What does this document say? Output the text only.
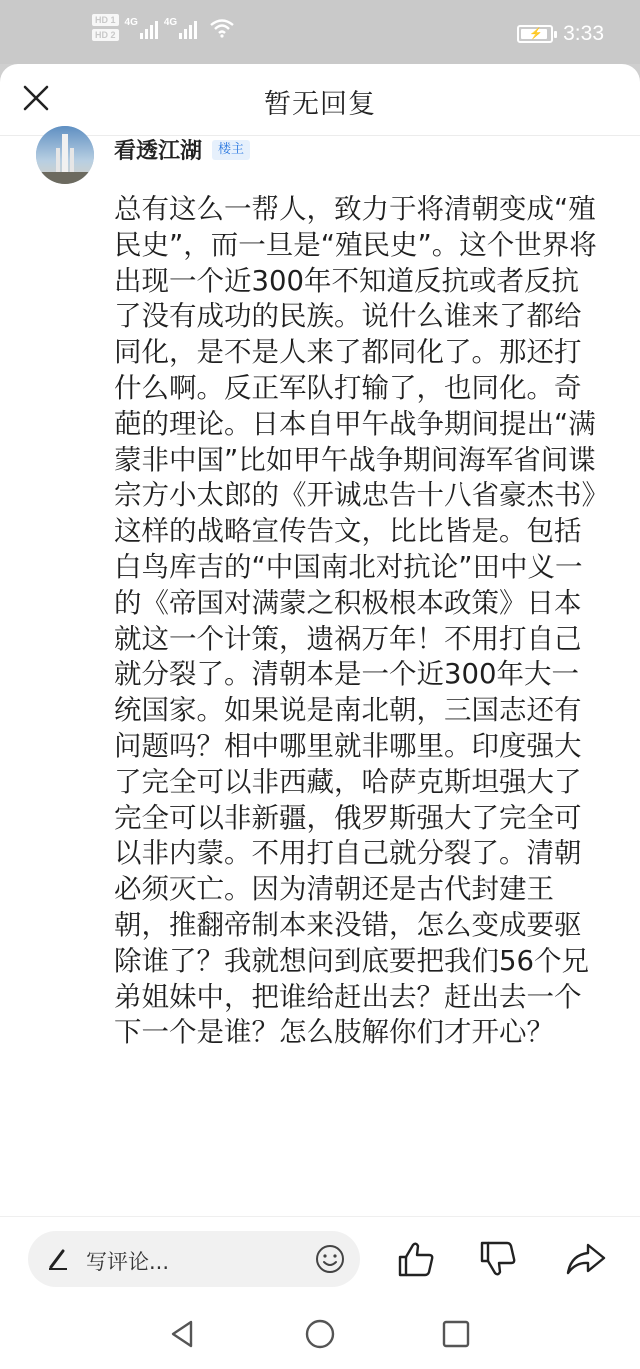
HD 1
HD 2
4G	4G
⚡ 3:33
暂无回复
看透江湖	楼主
总有这么一帮人，致力于将清朝变成“殖民史”，而一旦是“殖民史”。这个世界将出现一个近300年不知道反抗或者反抗了没有成功的民族。说什么谁来了都给同化，是不是人来了都同化了。那还打什么啊。反正军队打输了，也同化。奇葩的理论。日本自甲午战争期间提出“满蒙非中国”比如甲午战争期间海军省间谍宗方小太郎的《开诚忠告十八省豪杰书》这样的战略宣传告文，比比皆是。包括白鸟库吉的“中国南北对抗论”田中义一的《帝国对满蒙之积极根本政策》日本就这一个计策，遗祸万年！不用打自己就分裂了。清朝本是一个近300年大一统国家。如果说是南北朝，三国志还有问题吗？相中哪里就非哪里。印度强大了完全可以非西藏，哈萨克斯坦强大了完全可以非新疆，俄罗斯强大了完全可以非内蒙。不用打自己就分裂了。清朝必须灭亡。因为清朝还是古代封建王朝，推翻帝制本来没错，怎么变成要驱除谁了？我就想问到底要把我们56个兄弟姐妹中，把谁给赶出去？赶出去一个下一个是谁？怎么肢解你们才开心？
写评论...
